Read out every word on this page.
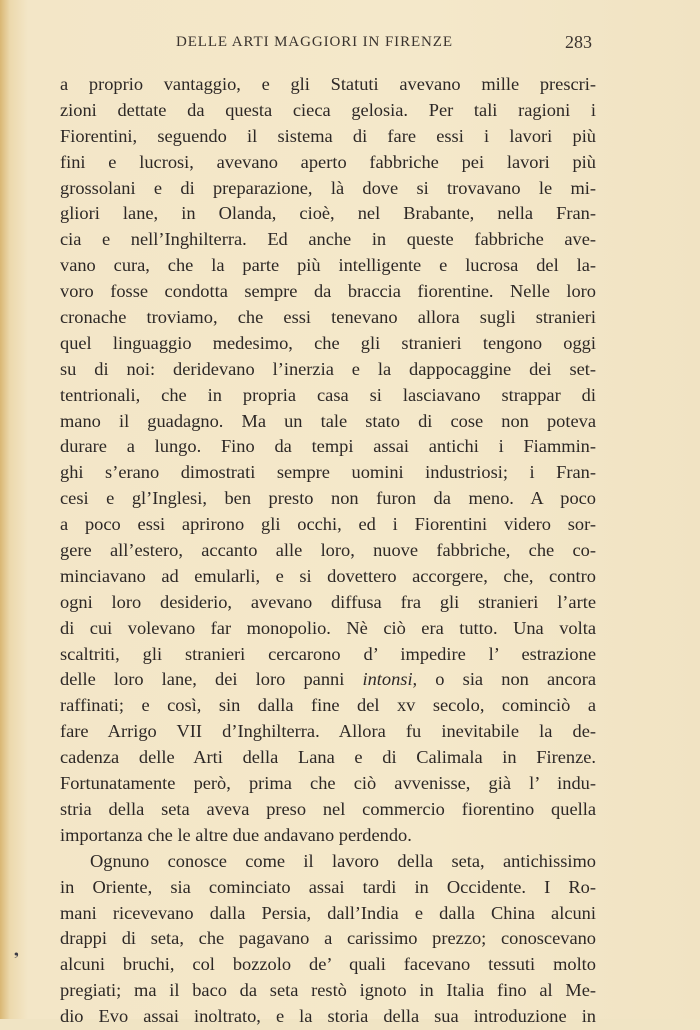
DELLE ARTI MAGGIORI IN FIRENZE	283
a proprio vantaggio, e gli Statuti avevano mille prescri-
zioni dettate da questa cieca gelosia. Per tali ragioni i
Fiorentini, seguendo il sistema di fare essi i lavori più
fini e lucrosi, avevano aperto fabbriche pei lavori più
grossolani e di preparazione, là dove si trovavano le mi-
gliori lane, in Olanda, cioè, nel Brabante, nella Fran-
cia e nell’Inghilterra. Ed anche in queste fabbriche ave-
vano cura, che la parte più intelligente e lucrosa del la-
voro fosse condotta sempre da braccia fiorentine. Nelle loro
cronache troviamo, che essi tenevano allora sugli stranieri
quel linguaggio medesimo, che gli stranieri tengono oggi
su di noi: deridevano l’inerzia e la dappocaggine dei set-
tentrionali, che in propria casa si lasciavano strappar di
mano il guadagno. Ma un tale stato di cose non poteva
durare a lungo. Fino da tempi assai antichi i Fiammin-
ghi s’erano dimostrati sempre uomini industriosi; i Fran-
cesi e gl’Inglesi, ben presto non furon da meno. A poco
a poco essi aprirono gli occhi, ed i Fiorentini videro sor-
gere all’estero, accanto alle loro, nuove fabbriche, che co-
minciavano ad emularli, e si dovettero accorgere, che, contro
ogni loro desiderio, avevano diffusa fra gli stranieri l’arte
di cui volevano far monopolio. Nè ciò era tutto. Una volta
scaltriti, gli stranieri cercarono d’ impedire l’ estrazione
delle loro lane, dei loro panni intonsi, o sia non ancora
raffinati; e così, sin dalla fine del xv secolo, cominciò a
fare Arrigo VII d’Inghilterra. Allora fu inevitabile la de-
cadenza delle Arti della Lana e di Calimala in Firenze.
Fortunatamente però, prima che ciò avvenisse, già l’ indu-
stria della seta aveva preso nel commercio fiorentino quella
importanza che le altre due andavano perdendo.
Ognuno conosce come il lavoro della seta, antichissimo
in Oriente, sia cominciato assai tardi in Occidente. I Ro-
mani ricevevano dalla Persia, dall’India e dalla China alcuni
drappi di seta, che pagavano a carissimo prezzo; conoscevano
alcuni bruchi, col bozzolo de’ quali facevano tessuti molto
pregiati; ma il baco da seta restò ignoto in Italia fino al Me-
dio Evo assai inoltrato, e la storia della sua introduzione in
❟
